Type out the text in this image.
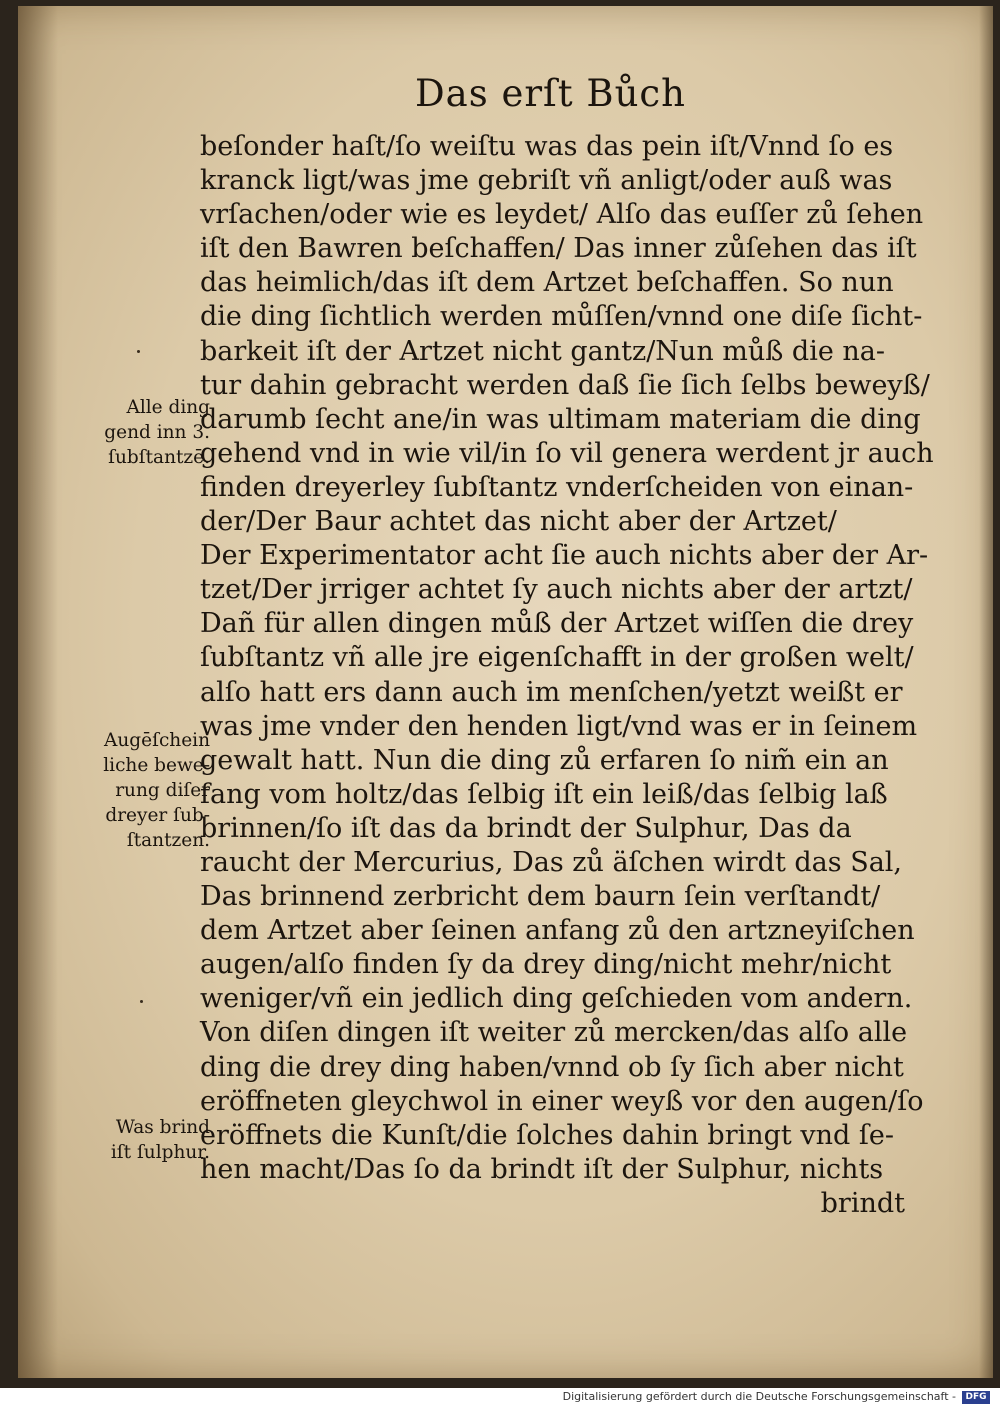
Das erſt Bůch
beſonder haſt/ſo weiſtu was das pein iſt/Vnnd ſo es
kranck ligt/was jme gebriſt vñ anligt/oder auß was
vrſachen/oder wie es leydet/ Alſo das euſſer zů ſehen
iſt den Bawren beſchaffen/ Das inner zůſehen das iſt
das heimlich/das iſt dem Artzet beſchaffen. So nun
die ding ſichtlich werden můſſen/vnnd one diſe ſicht-
barkeit iſt der Artzet nicht gantz/Nun můß die na-
tur dahin gebracht werden daß ſie ſich ſelbs beweyß/
darumb ſecht ane/in was ultimam materiam die ding
gehend vnd in wie vil/in ſo vil genera werdent jr auch
finden dreyerley ſubſtantz vnderſcheiden von einan-
der/Der Baur achtet das nicht aber der Artzet/
Der Experimentator acht ſie auch nichts aber der Ar-
tzet/Der jrriger achtet ſy auch nichts aber der artzt/
Dañ für allen dingen můß der Artzet wiſſen die drey
ſubſtantz vñ alle jre eigenſchafft in der großen welt/
alſo hatt ers dann auch im menſchen/yetzt weißt er
was jme vnder den henden ligt/vnd was er in ſeinem
gewalt hatt. Nun die ding zů erfaren ſo nim̃ ein an
fang vom holtz/das ſelbig iſt ein leiß/das ſelbig laß
brinnen/ſo iſt das da brindt der Sulphur, Das da
raucht der Mercurius, Das zů äſchen wirdt das Sal,
Das brinnend zerbricht dem baurn ſein verſtandt/
dem Artzet aber ſeinen anfang zů den artzneyiſchen
augen/alſo finden ſy da drey ding/nicht mehr/nicht
weniger/vñ ein jedlich ding geſchieden vom andern.
Von diſen dingen iſt weiter zů mercken/das alſo alle
ding die drey ding haben/vnnd ob ſy ſich aber nicht
eröffneten gleychwol in einer weyß vor den augen/ſo
eröffnets die Kunſt/die ſolches dahin bringt vnd ſe-
hen macht/Das ſo da brindt iſt der Sulphur, nichts
brindt
Alle ding
gend inn 3.
ſubſtantzē.
Augēſchein
liche bewe-
rung diſer
dreyer ſub-
ſtantzen.
Was brind
iſt ſulphur.
Digitalisierung gefördert durch die Deutsche Forschungsgemeinschaft -	DFG
